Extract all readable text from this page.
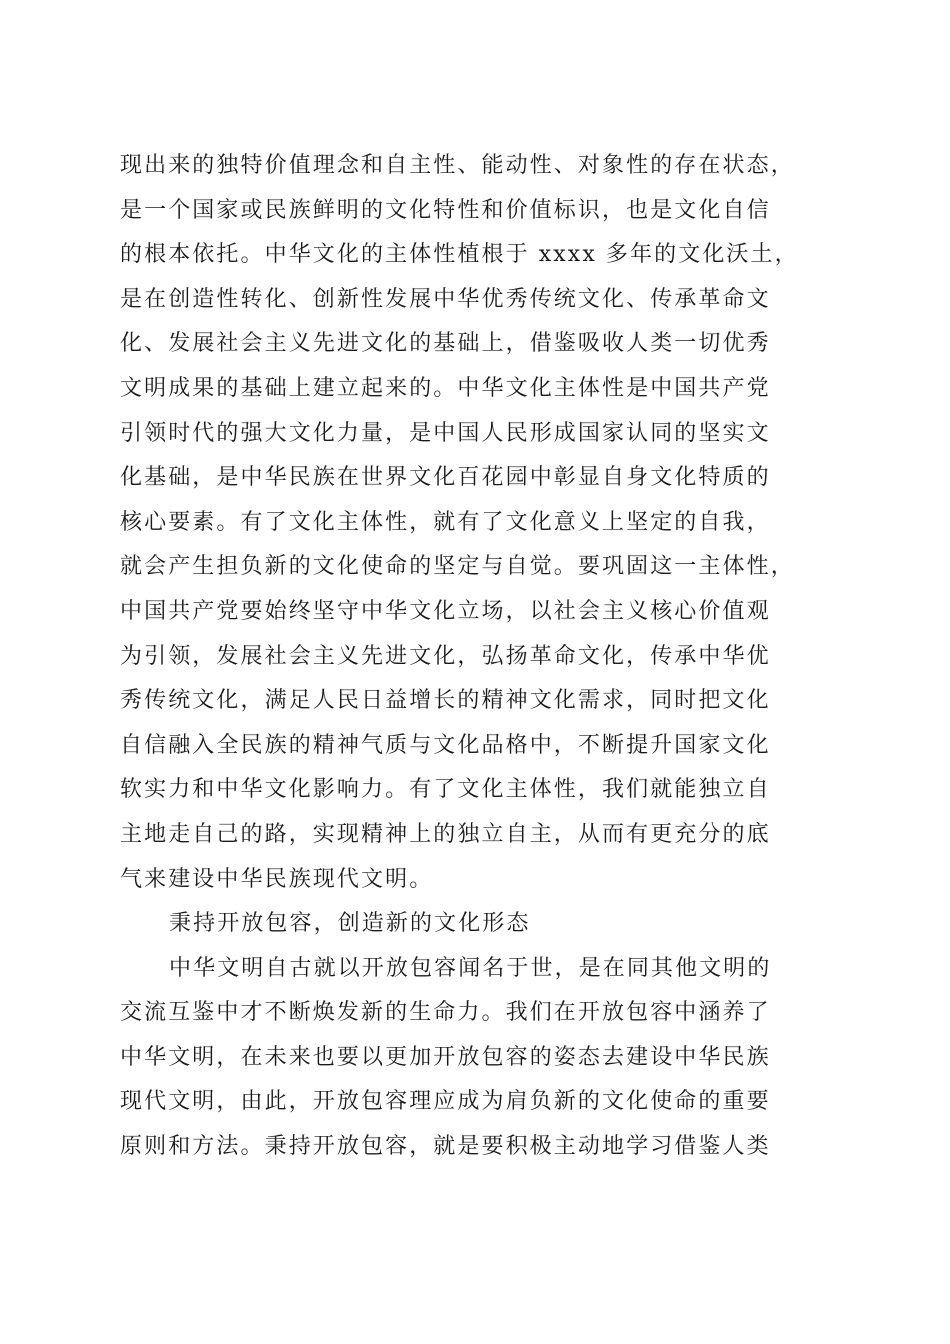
现出来的独特价值理念和自主性、能动性、对象性的存在状态，
是一个国家或民族鲜明的文化特性和价值标识，也是文化自信
的根本依托。中华文化的主体性植根于 xxxx 多年的文化沃土，
是在创造性转化、创新性发展中华优秀传统文化、传承革命文
化、发展社会主义先进文化的基础上，借鉴吸收人类一切优秀
文明成果的基础上建立起来的。中华文化主体性是中国共产党
引领时代的强大文化力量，是中国人民形成国家认同的坚实文
化基础，是中华民族在世界文化百花园中彰显自身文化特质的
核心要素。有了文化主体性，就有了文化意义上坚定的自我，
就会产生担负新的文化使命的坚定与自觉。要巩固这一主体性，
中国共产党要始终坚守中华文化立场，以社会主义核心价值观
为引领，发展社会主义先进文化，弘扬革命文化，传承中华优
秀传统文化，满足人民日益增长的精神文化需求，同时把文化
自信融入全民族的精神气质与文化品格中，不断提升国家文化
软实力和中华文化影响力。有了文化主体性，我们就能独立自
主地走自己的路，实现精神上的独立自主，从而有更充分的底
气来建设中华民族现代文明。
秉持开放包容，创造新的文化形态
中华文明自古就以开放包容闻名于世，是在同其他文明的
交流互鉴中才不断焕发新的生命力。我们在开放包容中涵养了
中华文明，在未来也要以更加开放包容的姿态去建设中华民族
现代文明，由此，开放包容理应成为肩负新的文化使命的重要
原则和方法。秉持开放包容，就是要积极主动地学习借鉴人类
